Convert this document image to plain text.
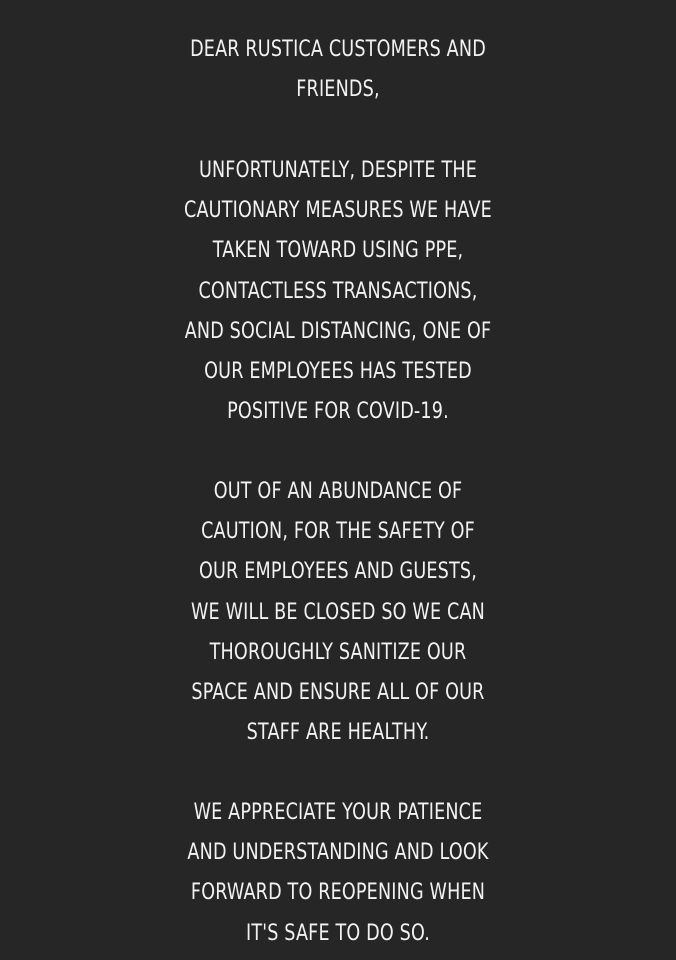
DEAR RUSTICA CUSTOMERS AND
FRIENDS,

UNFORTUNATELY, DESPITE THE
CAUTIONARY MEASURES WE HAVE
TAKEN TOWARD USING PPE,
CONTACTLESS TRANSACTIONS,
AND SOCIAL DISTANCING, ONE OF
OUR EMPLOYEES HAS TESTED
POSITIVE FOR COVID-19.

OUT OF AN ABUNDANCE OF
CAUTION, FOR THE SAFETY OF
OUR EMPLOYEES AND GUESTS,
WE WILL BE CLOSED SO WE CAN
THOROUGHLY SANITIZE OUR
SPACE AND ENSURE ALL OF OUR
STAFF ARE HEALTHY.

WE APPRECIATE YOUR PATIENCE
AND UNDERSTANDING AND LOOK
FORWARD TO REOPENING WHEN
IT'S SAFE TO DO SO.
